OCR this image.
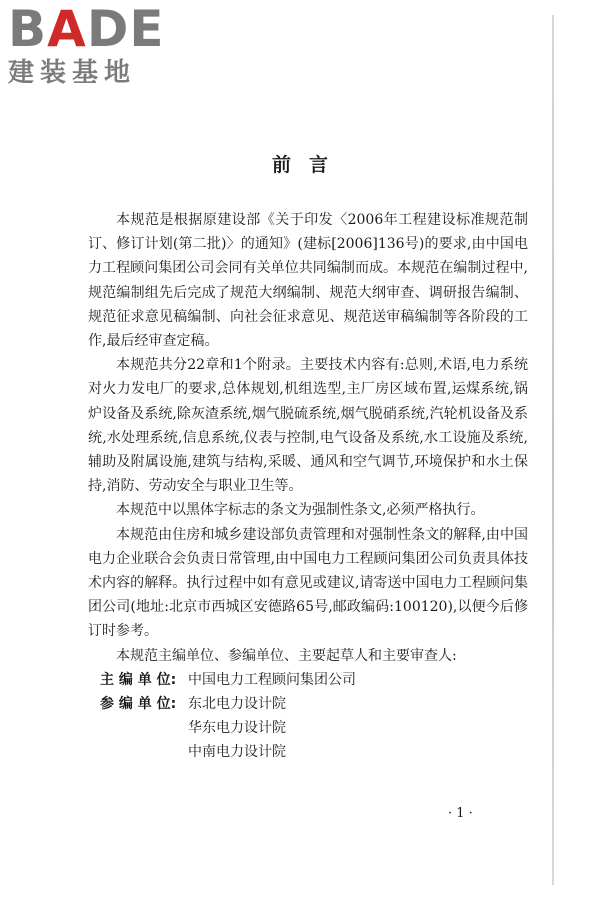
BADE
建装基地
前言

本规范是根据原建设部《关于印发〈2006年工程建设标准规范制订、修订计划(第二批)〉的通知》(建标[2006]136号)的要求,由中国电力工程顾问集团公司会同有关单位共同编制而成。本规范在编制过程中,规范编制组先后完成了规范大纲编制、规范大纲审查、调研报告编制、规范征求意见稿编制、向社会征求意见、规范送审稿编制等各阶段的工作,最后经审查定稿。

本规范共分22章和1个附录。主要技术内容有:总则,术语,电力系统对火力发电厂的要求,总体规划,机组选型,主厂房区域布置,运煤系统,锅炉设备及系统,除灰渣系统,烟气脱硫系统,烟气脱硝系统,汽轮机设备及系统,水处理系统,信息系统,仪表与控制,电气设备及系统,水工设施及系统,辅助及附属设施,建筑与结构,采暖、通风和空气调节,环境保护和水土保持,消防、劳动安全与职业卫生等。

本规范中以黑体字标志的条文为强制性条文,必须严格执行。

本规范由住房和城乡建设部负责管理和对强制性条文的解释,由中国电力企业联合会负责日常管理,由中国电力工程顾问集团公司负责具体技术内容的解释。执行过程中如有意见或建议,请寄送中国电力工程顾问集团公司(地址:北京市西城区安德路65号,邮政编码:100120),以便今后修订时参考。

本规范主编单位、参编单位、主要起草人和主要审查人:

主 编 单 位: 中国电力工程顾问集团公司
参 编 单 位: 东北电力设计院
华东电力设计院
中南电力设计院
· 1 ·
